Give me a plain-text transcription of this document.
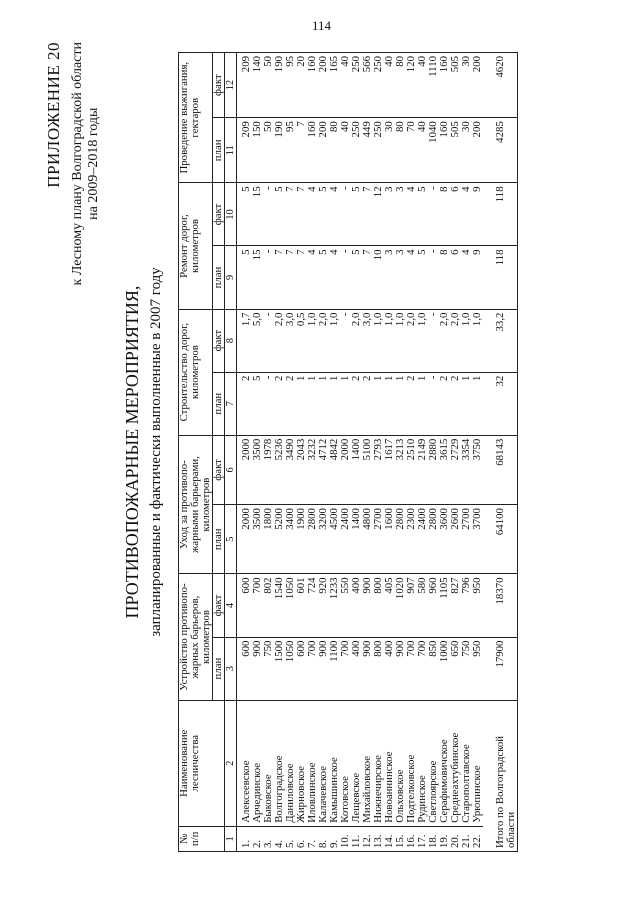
114
ПРИЛОЖЕНИЕ 20 к Лесному плану Волгоградской области на 2009–2018 годы
ПРОТИВОПОЖАРНЫЕ МЕРОПРИЯТИЯ, запланированные и фактически выполненные в 2007 году
№ п/п	Наименование лесничества	Устройство противопо-жарных барьеров, километров		Уход за противопо-жарными барьерами, километров		Строительство дорог, километров		Ремонт дорог, километров		Проведение выжигания, гектаров	
		план	факт	план	факт	план	факт	план	факт	план	факт
1	2	3	4	5	6	7	8	9	10	11	12
1.	Алексеевское	600	600	2000	2000	2	1,7	5	5	209	209
2.	Арчединское	900	700	3500	3500	5	5,0	15	15	150	140
3.	Быковское	750	802	1800	1978	-	-	-	-	50	50
4.	Волгоградское	1500	1540	5200	5236	2	2,0	7	5	190	190
5.	Даниловское	1050	1050	3400	3490	2	3,0	7	7	95	95
6.	Жирновское	600	601	1900	2043	1	0,5	7	7	7	20
7.	Иловлинское	700	724	2800	3232	1	1,0	4	4	160	160
8.	Калачевское	900	920	3200	4712	1	2,0	5	5	200	200
9.	Камышинское	1100	1233	4500	4842	1	1,0	4	4	80	165
10.	Котовское	700	550	2400	2000	1	-	-	-	40	40
11.	Лещевское	400	400	1400	1400	2	2,0	5	5	250	250
12.	Михайловское	900	900	4800	5100	2	3,0	7	7	449	566
13.	Нижнечирское	800	800	2700	2793	1	1,0	10	12	250	250
14.	Новоаннинское	400	405	1600	1617	1	1,0	3	3	30	40
15.	Ольховское	900	1020	2800	3213	1	1,0	3	3	80	80
16.	Подтелковское	700	907	2300	2510	2	2,0	4	4	70	120
17.	Рудинское	700	580	2400	2149	1	1,0	5	5	40	40
18.	Светлоярское	850	960	2800	2880	-	-	-	-	1040	1110
19.	Серафимовичское	1000	1105	3600	3615	2	2,0	8	8	160	160
20.	Среднеахтубинское	650	827	2600	2729	2	2,0	6	6	505	505
21.	Старополтавское	750	796	2700	3354	1	1,0	4	4	30	30
22.	Урюпинское	950	950	3700	3750	1	1,0	9	9	200	200
Итого по Волгоградской области		17900	18370	64100	68143	32	33,2	118	118	4285	4620
